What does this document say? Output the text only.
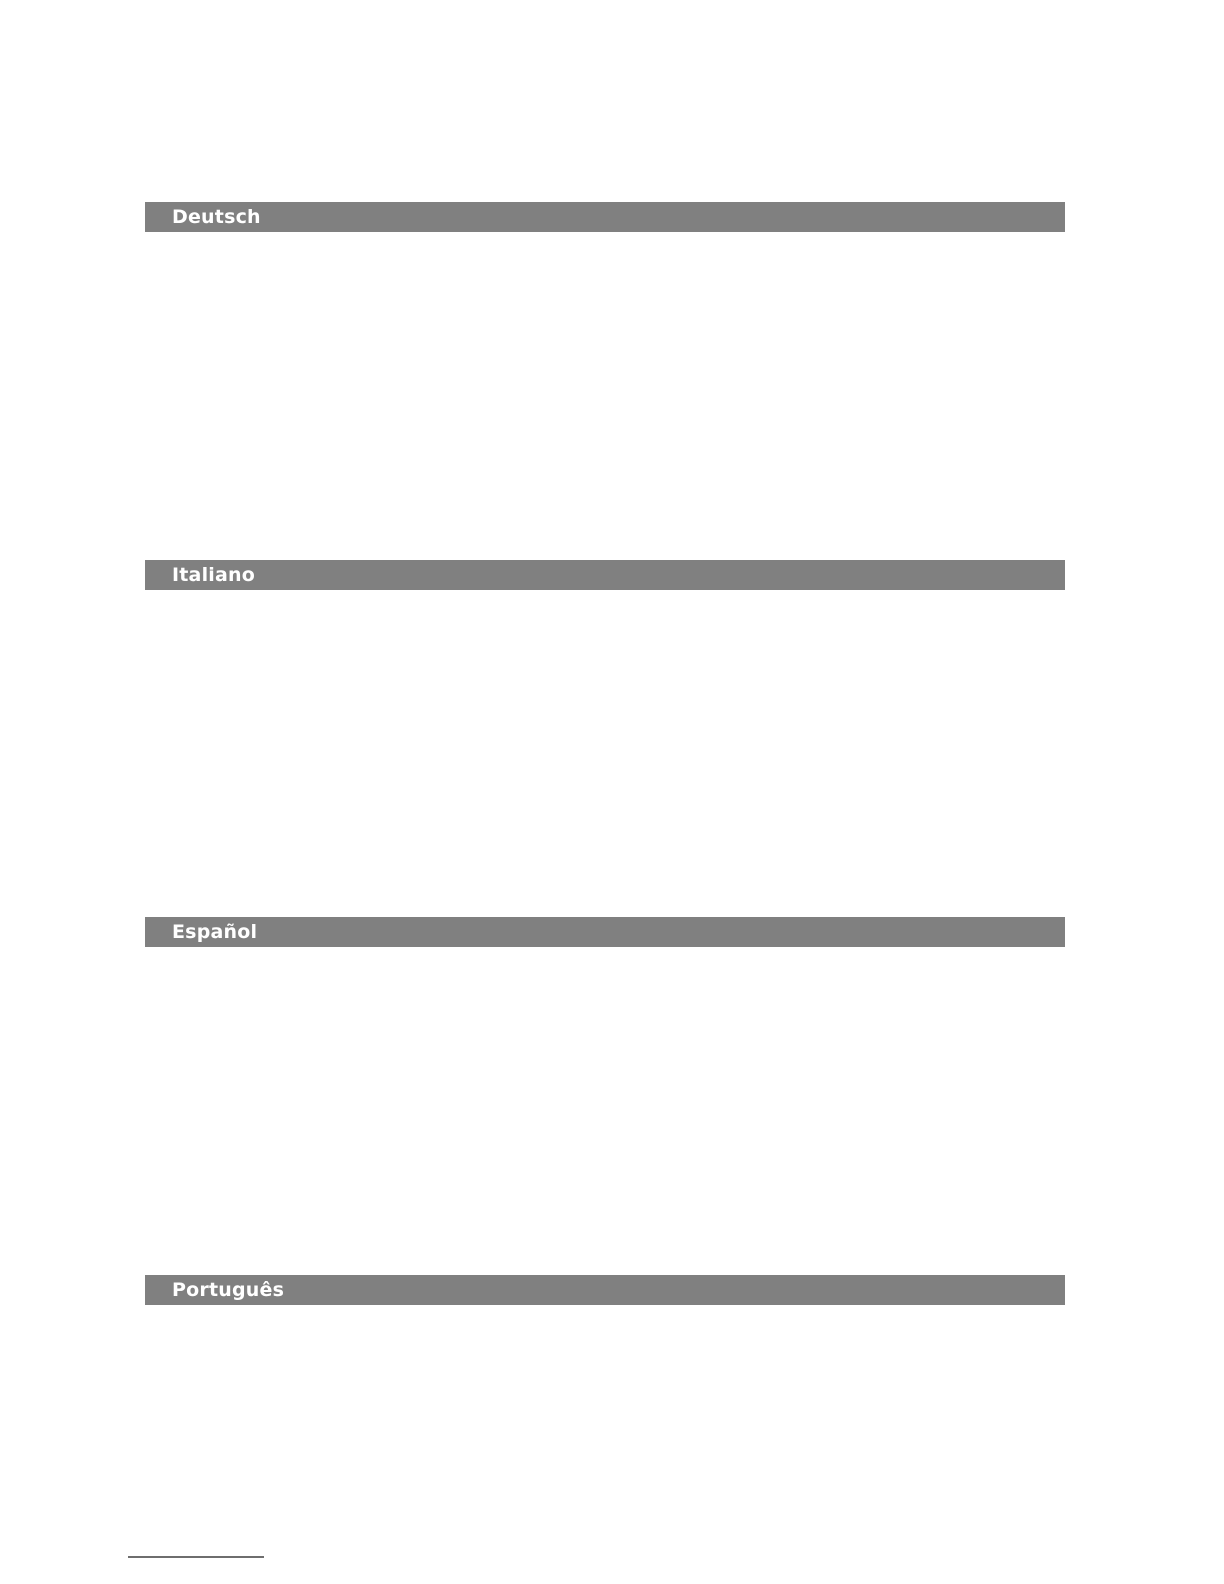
Deutsch
Italiano
Español
Português
